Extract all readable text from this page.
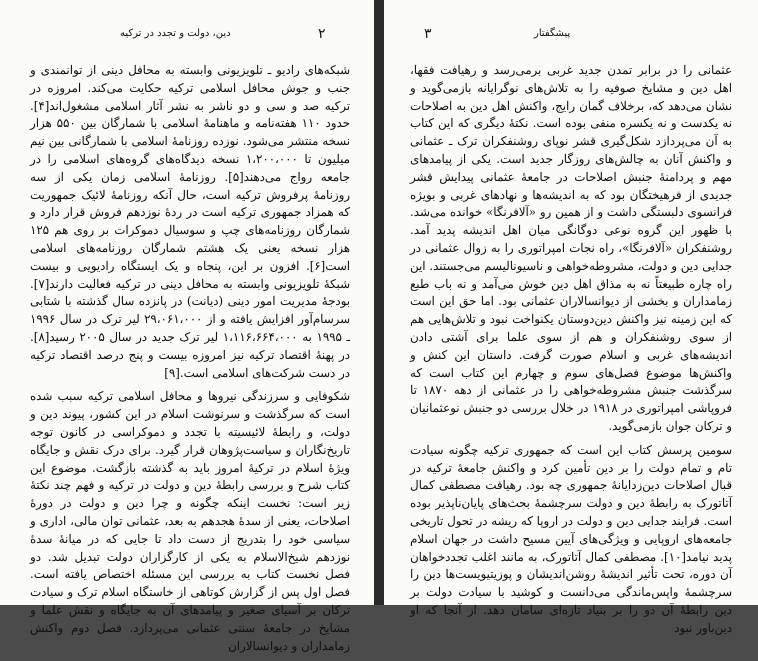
۲
دین، دولت و تجدد در ترکیه

شبکه‌های رادیو ـ تلویزیونی وابسته به محافل دینی از توانمندی و جنب و جوش محافل اسلامی ترکیه حکایت می‌کند. امروزه در ترکیه صد و سی و دو ناشر به نشر آثار اسلامی مشغول‌اند[۴]. حدود ۱۱۰ هفته‌نامه و ماهنامهٔ اسلامی با شمارگان بین ۵۵۰ هزار نسخه منتشر می‌شود. نوزده روزنامهٔ اسلامی با شمارگانی بین نیم میلیون تا ۱،۲۰۰،۰۰۰ نسخه دیدگاه‌های گروه‌های اسلامی را در جامعه رواج می‌دهند[۵]. روزنامهٔ اسلامی زمان یکی از سه روزنامهٔ پرفروش ترکیه است، حال آنکه روزنامهٔ لائیک جمهوریت که همزاد جمهوری ترکیه است در ردهٔ نوزدهم فروش قرار دارد و شمارگان روزنامه‌های چپ و سوسیال دموکرات بر روی هم ۱۲۵ هزار نسخه یعنی یک هشتم شمارگان روزنامه‌های اسلامی است[۶]. افزون بر این، پنجاه و یک ایستگاه رادیویی و بیست شبکهٔ تلویزیونی وابسته به محافل دینی در ترکیه فعالیت دارند[۷]. بودجهٔ مدیریت امور دینی (دیانت) در پانزده سال گذشته با شتابی سرسام‌آور افزایش یافته و از ۲۹،۰۶۱،۰۰۰ لیر ترک در سال ۱۹۹۶ ـ ۱۹۹۵ به ۱،۱۱۶،۶۶۴،۰۰۰ لیر ترک جدید در سال ۲۰۰۵ رسید[۸]. در پهنهٔ اقتصاد ترکیه نیز امروزه بیست و پنج درصد اقتصاد ترکیه در دست شرکت‌های اسلامی است.[۹]

شکوفایی و سرزندگی نیروها و محافل اسلامی ترکیه سبب شده است که سرگذشت و سرنوشت اسلام در این کشور، پیوند دین و دولت، و رابطهٔ لائیسیته با تجدد و دموکراسی در کانون توجه تاریخ‌نگاران و سیاست‌پژوهان قرار گیرد. برای درک نقش و جایگاه ویژهٔ اسلام در ترکیهٔ امروز باید به گذشته بازگشت. موضوع این کتاب شرح و بررسی رابطهٔ دین و دولت در ترکیه و فهم چند نکتهٔ زیر است: نخست اینکه چگونه و چرا دین و دولت در دورهٔ اصلاحات، یعنی از سدهٔ هجدهم به بعد، عثمانی توان مالی، اداری و سیاسی خود را بتدریج از دست داد تا جایی که در میانهٔ سدهٔ نوزدهم شیخ‌الاسلام به یکی از کارگزاران دولت تبدیل شد. دو فصل نخست کتاب به بررسی این مسئله اختصاص یافته است. فصل اول پس از گزارش کوتاهی از خاستگاه اسلام ترک و سیادت ترکان بر آسیای صغیر و پیامدهای آن به جایگاه و نقش علما و مشایخ در جامعهٔ سنتی عثمانی می‌پردازد. فصل دوم واکنش زمامداران و دیوانسالاران

۳	پیشگفتار

عثمانی را در برابر تمدن جدید غربی برمی‌رسد و رهیافت فقها، اهل دین و مشایخ صوفیه را به تلاش‌های نوگرایانه بازمی‌گوید و نشان می‌دهد که، برخلاف گمان رایج، واکنش اهل دین به اصلاحات نه یکدست و نه یکسره منفی بوده است. نکتهٔ دیگری که این کتاب به آن می‌پردازد شکل‌گیری قشر نوپای روشنفکران ترک ـ عثمانی و واکنش آنان به چالش‌های روزگار جدید است. یکی از پیامدهای مهم و پردامنهٔ جنبش اصلاحات در جامعهٔ عثمانی پیدایش قشر جدیدی از فرهیختگان بود که به اندیشه‌ها و نهادهای غربی و بویژه فرانسوی دلبستگی داشت و از همین رو «آلافرنگا» خوانده می‌شد. با ظهور این گروه نوعی دوگانگی میان اهل اندیشه پدید آمد. روشنفکران «آلافرنگا»، راه نجات امپراتوری را به زوال عثمانی در جدایی دین و دولت، مشروطه‌خواهی و ناسیونالیسم می‌جستند. این راه چاره طبیعتاً نه به مذاق اهل دین خوش می‌آمد و نه باب طبع زمامداران و بخشی از دیوانسالاران عثمانی بود. اما حق این است که این زمینه نیز واکنش دین‌دوستان یکنواخت نبود و تلاش‌هایی هم از سوی روشنفکران و هم از سوی علما برای آشتی دادن اندیشه‌های غربی و اسلام صورت گرفت. داستان این کنش و واکنش‌ها موضوع فصل‌های سوم و چهارم این کتاب است که سرگذشت جنبش مشروطه‌خواهی را در عثمانی از دهه ۱۸۷۰ تا فروپاشی امپراتوری در ۱۹۱۸ در خلال بررسی دو جنبش نوعثمانیان و ترکان جوان بازمی‌گوید.

سومین پرسش کتاب این است که جمهوری ترکیه چگونه سیادت تام و تمام دولت را بر دین تأمین کرد و واکنش جامعهٔ ترکیه در قبال اصلاحات دین‌زدایانهٔ جمهوری چه بود. رهیافت مصطفی کمال آتاتورک به رابطهٔ دین و دولت سرچشمهٔ بحث‌های پایان‌ناپذیر بوده است. فرایند جدایی دین و دولت در اروپا که ریشه در تحول تاریخی جامعه‌های اروپایی و ویژگی‌های آیین مسیح داشت در جهان اسلام پدید نیامد[۱۰]. مصطفی کمال آتاتورک، به مانند اغلب تجددخواهان آن دوره، تحت تأثیر اندیشهٔ روشن‌اندیشان و پوزیتیویست‌ها دین را سرچشمهٔ واپس‌ماندگی می‌دانست و کوشید با سیادت دولت بر دین رابطهٔ آن دو را بر بنیاد تازه‌ای سامان دهد. از آنجا که او دین‌باور نبود
